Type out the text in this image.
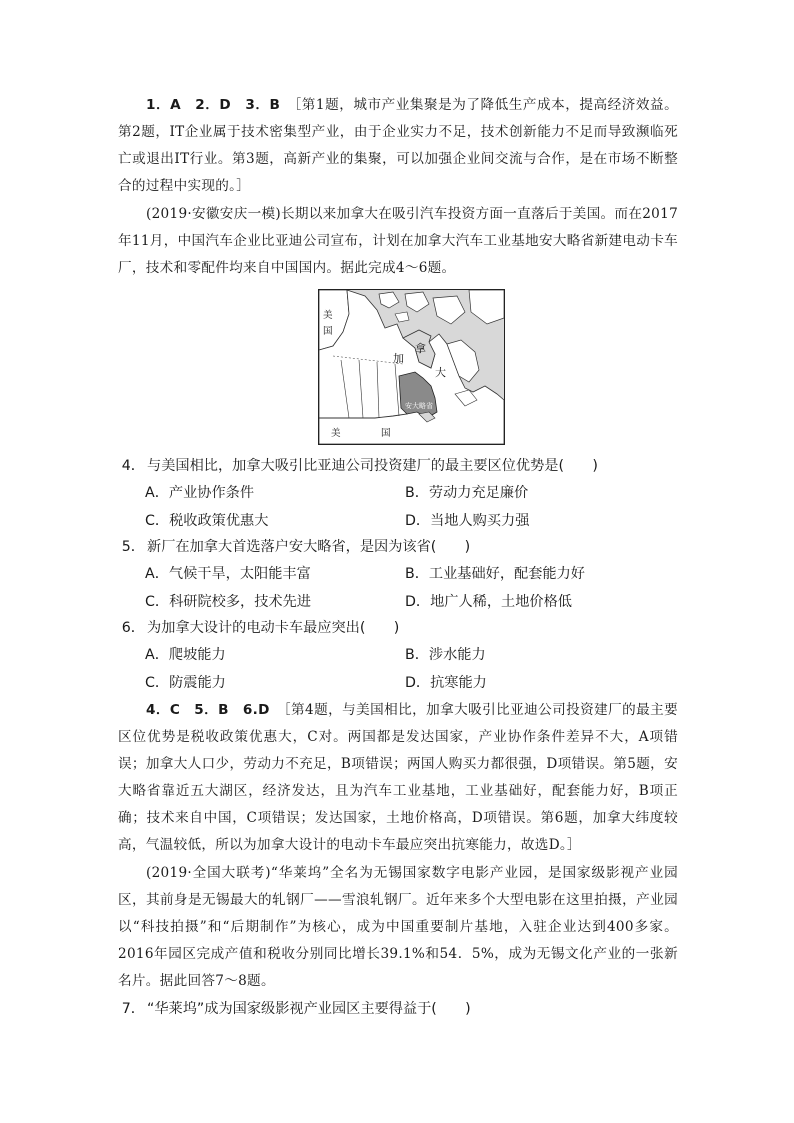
1．A　2．D　3．B　 ［第1题，城市产业集聚是为了降低生产成本，提高经济效益。第2题，IT企业属于技术密集型产业，由于企业实力不足，技术创新能力不足而导致濒临死亡或退出IT行业。第3题，高新产业的集聚，可以加强企业间交流与合作，是在市场不断整合的过程中实现的。］
(2019·安徽安庆一模)长期以来加拿大在吸引汽车投资方面一直落后于美国。而在2017年11月，中国汽车企业比亚迪公司宣布，计划在加拿大汽车工业基地安大略省新建电动卡车厂，技术和零配件均来自中国国内。据此完成4～6题。
美
国
加
拿
大
安大略省
美	国
4． 与美国相比，加拿大吸引比亚迪公司投资建厂的最主要区位优势是(　　)
A．产业协作条件	B．劳动力充足廉价
C．税收政策优惠大	D．当地人购买力强
5． 新厂在加拿大首选落户安大略省，是因为该省(　　)
A．气候干旱，太阳能丰富	B．工业基础好，配套能力好
C．科研院校多，技术先进	D．地广人稀，土地价格低
6． 为加拿大设计的电动卡车最应突出(　　)
A．爬坡能力	B．涉水能力
C．防震能力	D．抗寒能力
4．C　5．B　6.D　 ［第4题，与美国相比，加拿大吸引比亚迪公司投资建厂的最主要区位优势是税收政策优惠大，C对。两国都是发达国家，产业协作条件差异不大，A项错误；加拿大人口少，劳动力不充足，B项错误；两国人购买力都很强，D项错误。第5题，安大略省靠近五大湖区，经济发达，且为汽车工业基地，工业基础好，配套能力好，B项正确；技术来自中国，C项错误；发达国家，土地价格高，D项错误。第6题，加拿大纬度较高，气温较低，所以为加拿大设计的电动卡车最应突出抗寒能力，故选D。］
(2019·全国大联考)“华莱坞”全名为无锡国家数字电影产业园，是国家级影视产业园区，其前身是无锡最大的轧钢厂——雪浪轧钢厂。近年来多个大型电影在这里拍摄，产业园以“科技拍摄”和“后期制作”为核心，成为中国重要制片基地，入驻企业达到400多家。2016年园区完成产值和税收分别同比增长39.1%和54．5%，成为无锡文化产业的一张新名片。据此回答7～8题。
7． “华莱坞”成为国家级影视产业园区主要得益于(　　)
